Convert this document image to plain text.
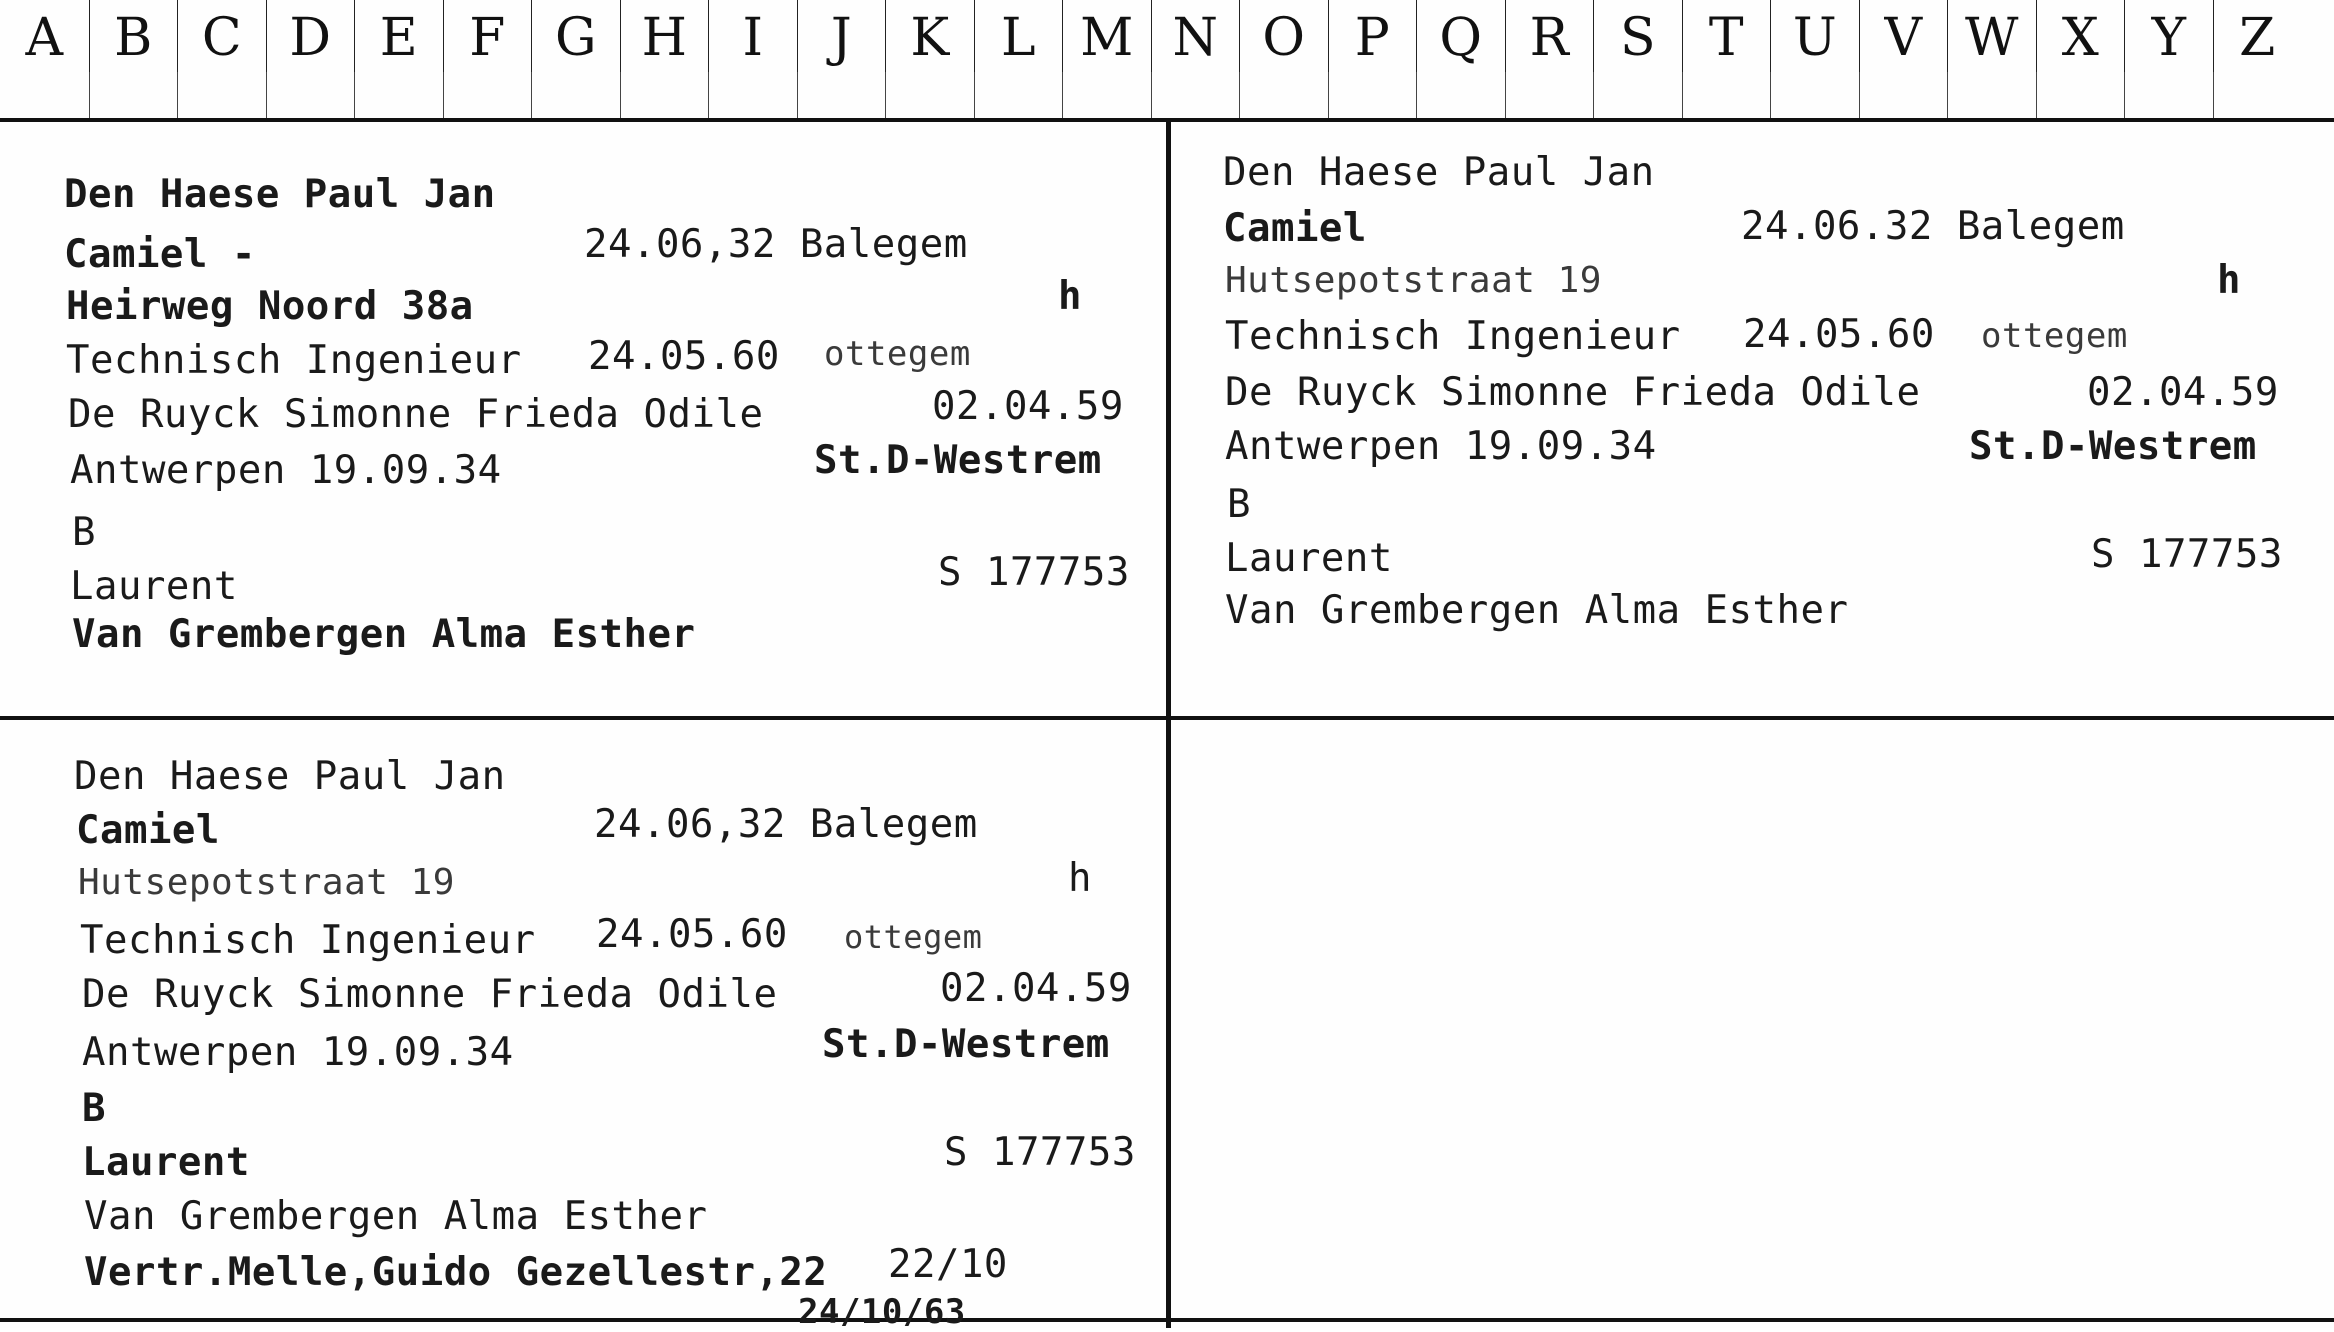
A B C D E F G H	I	J	K L M N O P Q R S	T U V W X	Y	Z
Den Haese Paul Jan
Camiel -	24.06,32 Balegem
Heirweg Noord 38a	h
Technisch Ingenieur 24.05.60 ottegem
De Ruyck Simonne Frieda Odile	02.04.59
Antwerpen 19.09.34	St.D-Westrem
B
Laurent	S 177753
Van Grembergen Alma Esther
Den Haese Paul Jan
Camiel	24.06.32 Balegem
Hutsepotstraat 19	h
Technisch Ingenieur 24.05.60 ottegem
De Ruyck Simonne Frieda Odile	02.04.59
Antwerpen 19.09.34	St.D-Westrem
B
Laurent	S 177753
Van Grembergen Alma Esther
Den Haese Paul Jan
Camiel	24.06,32 Balegem
Hutsepotstraat 19	h
Technisch Ingenieur 24.05.60 ottegem
De Ruyck Simonne Frieda Odile	02.04.59
Antwerpen 19.09.34	St.D-Westrem
B
Laurent	S 177753
Van Grembergen Alma Esther
Vertr.Melle,Guido Gezellestr,22 22/10
24/10/63
